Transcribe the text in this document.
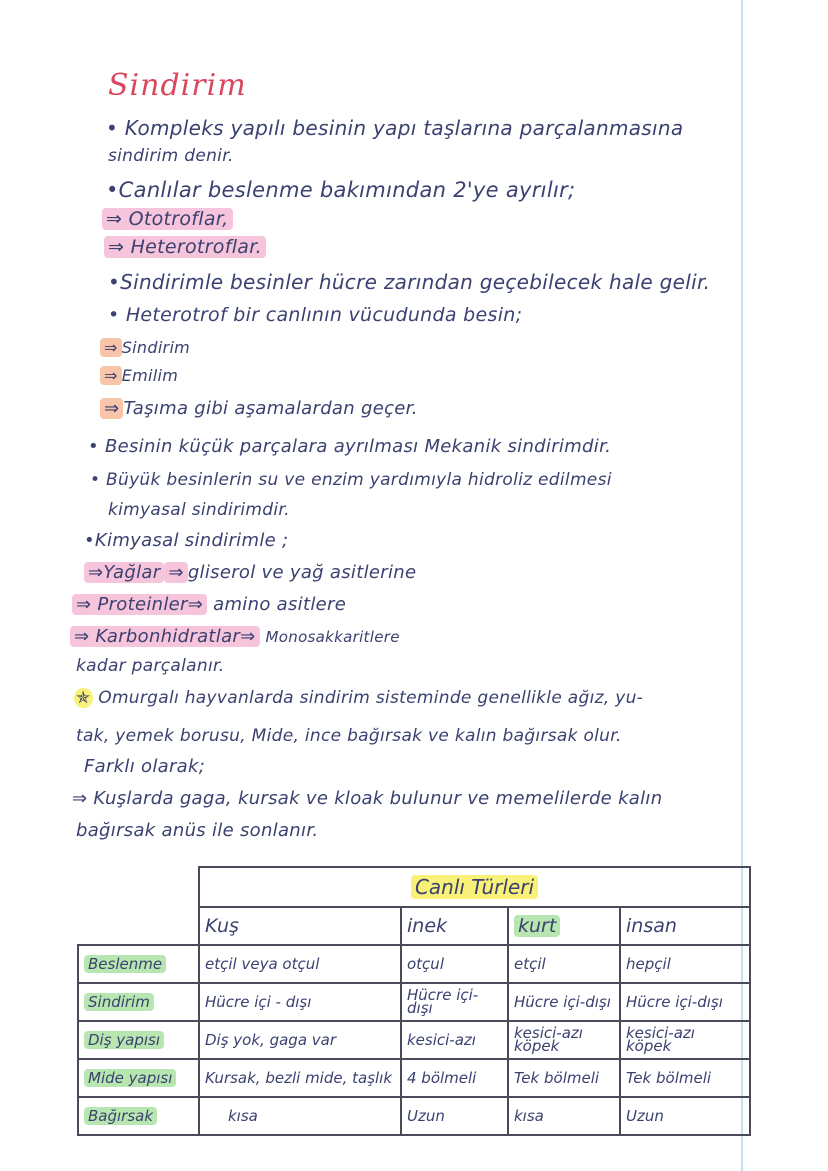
Sindirim
• Kompleks yapılı besinin yapı taşlarına parçalanmasına
sindirim denir.
•Canlılar beslenme bakımından 2'ye ayrılır;
⇒ Ototroflar,
⇒ Heterotroflar.
•Sindirimle besinler hücre zarından geçebilecek hale gelir.
• Heterotrof bir canlının vücudunda besin;
⇒ Sindirim
⇒ Emilim
⇒ Taşıma gibi aşamalardan geçer.
• Besinin küçük parçalara ayrılması Mekanik sindirimdir.
• Büyük besinlerin su ve enzim yardımıyla hidroliz edilmesi
kimyasal sindirimdir.
•Kimyasal sindirimle ;
⇒Yağlar ⇒ gliserol ve yağ asitlerine
⇒ Proteinler⇒ amino asitlere
⇒ Karbonhidratlar⇒ Monosakkaritlere
kadar parçalanır.
✯ Omurgalı hayvanlarda sindirim sisteminde genellikle ağız, yu-
tak, yemek borusu, Mide, ince bağırsak ve kalın bağırsak olur.
Farklı olarak;
⇒ Kuşlarda gaga, kursak ve kloak bulunur ve memelilerde kalın
bağırsak anüs ile sonlanır.
	Canlı Türleri			
	Kuş	inek	kurt	insan
Beslenme	etçil veya otçul	otçul	etçil	hepçil
Sindirim	Hücre içi - dışı	Hücre içi-dışı	Hücre içi-dışı	Hücre içi-dışı
Diş yapısı	Diş yok, gaga var	kesici-azı	kesici-azı köpek	kesici-azı köpek
Mide yapısı	Kursak, bezli mide, taşlık	4 bölmeli	Tek bölmeli	Tek bölmeli
Bağırsak	kısa	Uzun	kısa	Uzun
